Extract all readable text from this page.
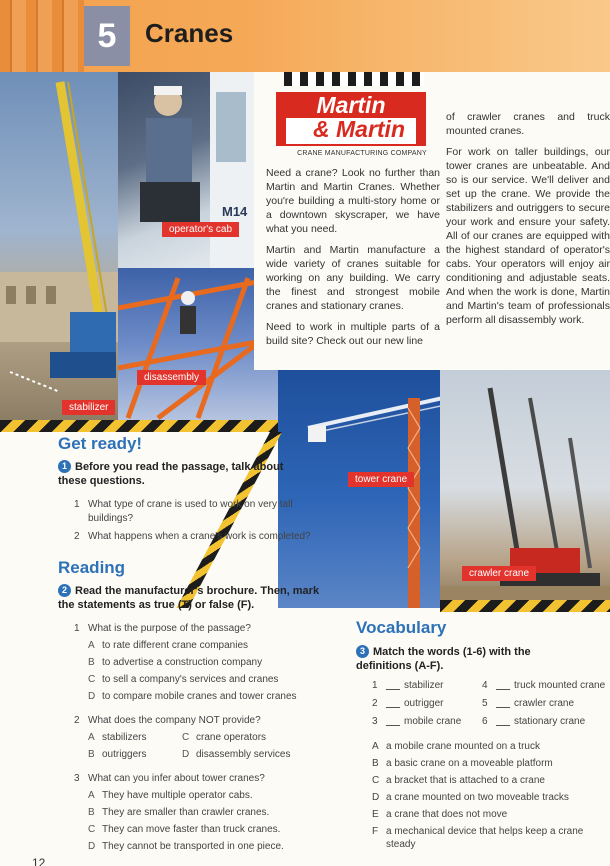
5	Cranes
M14
operator's cab
disassembly
stabilizer
tower crane
crawler crane
Martin
& Martin
CRANE MANUFACTURING COMPANY

Need a crane? Look no further than Martin and Martin Cranes. Whether you're building a multi-story home or a downtown skyscraper, we have what you need.

Martin and Martin manufacture a wide variety of cranes suitable for working on any building. We carry the finest and strongest mobile cranes and stationary cranes.

Need to work in multiple parts of a build site? Check out our new line

of crawler cranes and truck mounted cranes.

For work on taller buildings, our tower cranes are unbeatable. And so is our service. We'll deliver and set up the crane. We provide the stabilizers and outriggers to secure your work and ensure your safety. All of our cranes are equipped with the highest standard of operator's cabs. Your operators will enjoy air conditioning and adjustable seats. And when the work is done, Martin and Martin's team of professionals perform all disassembly work.

Get ready!
1 Before you read the passage, talk about these questions.
1 What type of crane is used to work on very tall buildings?
2 What happens when a crane's work is completed?
Reading
2 Read the manufacturer's brochure. Then, mark the statements as true (T) or false (F).
1 What is the purpose of the passage?
A to rate different crane companies
B to advertise a construction company
C to sell a company's services and cranes
D to compare mobile cranes and tower cranes
2 What does the company NOT provide?
A stabilizers	C crane operators
B outriggers	D disassembly services
3 What can you infer about tower cranes?
A They have multiple operator cabs.
B They are smaller than crawler cranes.
C They can move faster than truck cranes.
D They cannot be transported in one piece.
Vocabulary
3 Match the words (1-6) with the definitions (A-F).
1	stabilizer	4	truck mounted crane
2	outrigger	5	crawler crane
3	mobile crane 6	stationary crane
A a mobile crane mounted on a truck
B a basic crane on a moveable platform
C a bracket that is attached to a crane
D a crane mounted on two moveable tracks
E a crane that does not move
F a mechanical device that helps keep a crane steady
12
